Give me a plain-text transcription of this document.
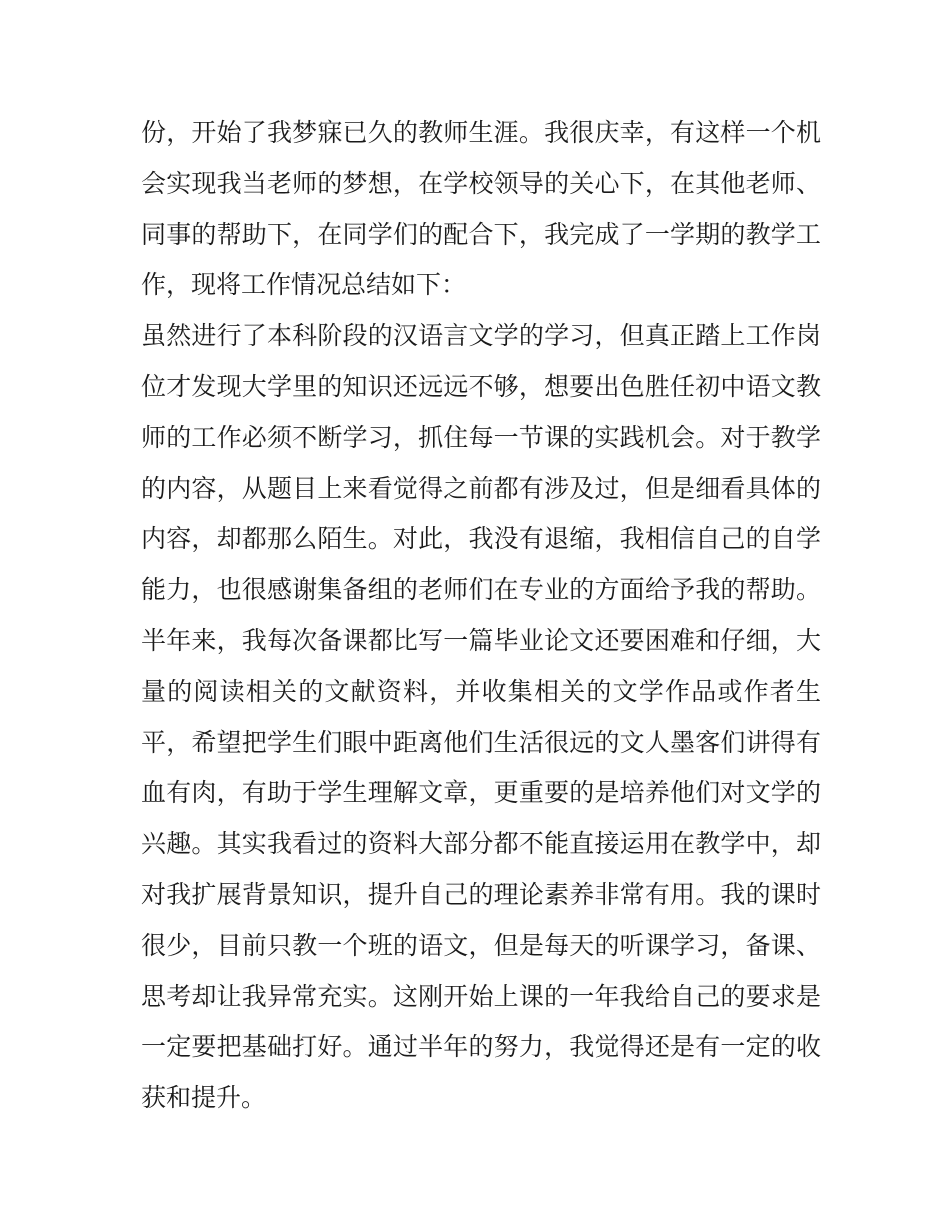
份，开始了我梦寐已久的教师生涯。我很庆幸，有这样一个机
会实现我当老师的梦想，在学校领导的关心下，在其他老师、
同事的帮助下，在同学们的配合下，我完成了一学期的教学工
作，现将工作情况总结如下：
虽然进行了本科阶段的汉语言文学的学习，但真正踏上工作岗
位才发现大学里的知识还远远不够，想要出色胜任初中语文教
师的工作必须不断学习，抓住每一节课的实践机会。对于教学
的内容，从题目上来看觉得之前都有涉及过，但是细看具体的
内容，却都那么陌生。对此，我没有退缩，我相信自己的自学
能力，也很感谢集备组的老师们在专业的方面给予我的帮助。
半年来，我每次备课都比写一篇毕业论文还要困难和仔细，大
量的阅读相关的文献资料，并收集相关的文学作品或作者生
平，希望把学生们眼中距离他们生活很远的文人墨客们讲得有
血有肉，有助于学生理解文章，更重要的是培养他们对文学的
兴趣。其实我看过的资料大部分都不能直接运用在教学中，却
对我扩展背景知识，提升自己的理论素养非常有用。我的课时
很少，目前只教一个班的语文，但是每天的听课学习，备课、
思考却让我异常充实。这刚开始上课的一年我给自己的要求是
一定要把基础打好。通过半年的努力，我觉得还是有一定的收
获和提升。
